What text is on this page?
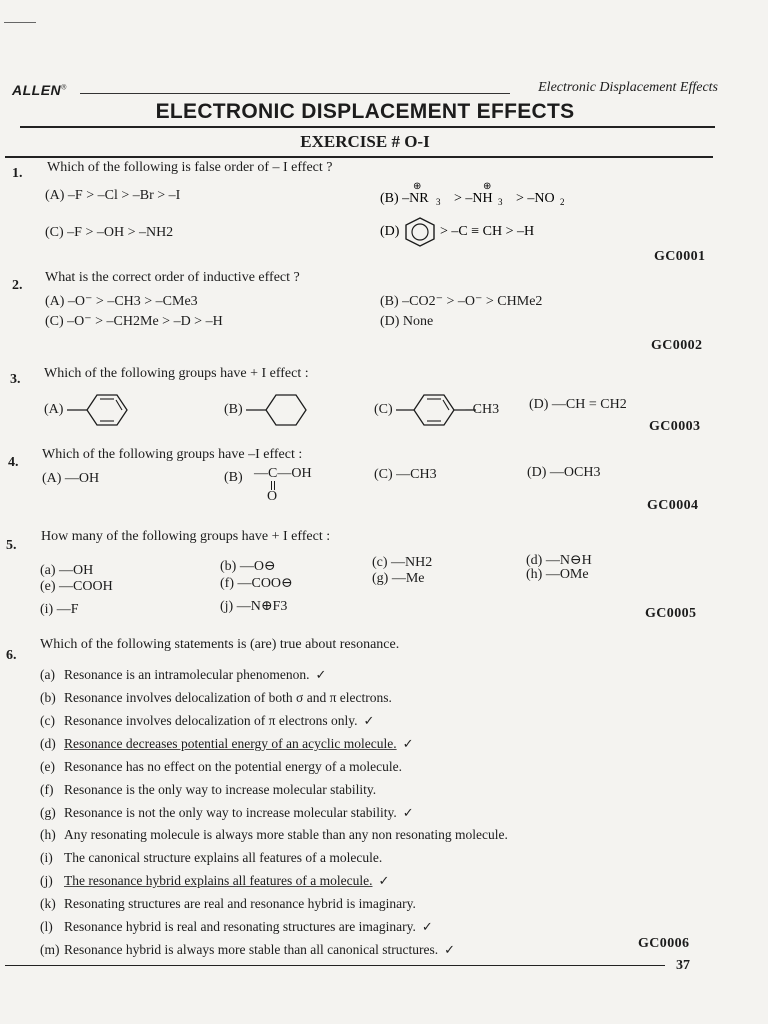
ALLEN®	Electronic Displacement Effects
ELECTRONIC DISPLACEMENT EFFECTS
EXERCISE # O-I
1. Which of the following is false order of – I effect ?
(A) –F > –Cl > –Br > –I	(B) –NR 3
⊕
> –NH 3
⊕
> –NO 2
(C) –F > –OH > –NH2	(D)	> –C ≡ CH > –H
GC0001
2.
What is the correct order of inductive effect ?
(A) –O⁻ > –CH3 > –CMe3	(B) –CO2⁻ > –O⁻ > CHMe2
(C) –O⁻ > –CH2Me > –D > –H	(D) None
GC0002
3. Which of the following groups have + I effect :
(A)	(B)	(C)	–CH3 (D) —CH = CH2
GC0003
4.
Which of the following groups have –I effect :
(A) —OH	(B) —C—OH
O
(C) —CH3	(D) —OCH3
GC0004
5.
How many of the following groups have + I effect :
(a) —OH	(b) —O⊖	(c) —NH2	(d) —N⊖H
(e) —COOH	(f) —COO⊖	(g) —Me	(h) —OMe
(i) —F	(j) —N⊕F3	GC0005
6.
Which of the following statements is (are) true about resonance.
(a) Resonance is an intramolecular phenomenon. ✓
(b) Resonance involves delocalization of both σ and π electrons.
(c) Resonance involves delocalization of π electrons only. ✓
(d) Resonance decreases potential energy of an acyclic molecule. ✓
(e) Resonance has no effect on the potential energy of a molecule.
(f) Resonance is the only way to increase molecular stability.
(g) Resonance is not the only way to increase molecular stability. ✓
(h) Any resonating molecule is always more stable than any non resonating molecule.
(i) The canonical structure explains all features of a molecule.
(j) The resonance hybrid explains all features of a molecule. ✓
(k) Resonating structures are real and resonance hybrid is imaginary.
(l) Resonance hybrid is real and resonating structures are imaginary. ✓
(m) Resonance hybrid is always more stable than all canonical structures. ✓	GC0006
37
